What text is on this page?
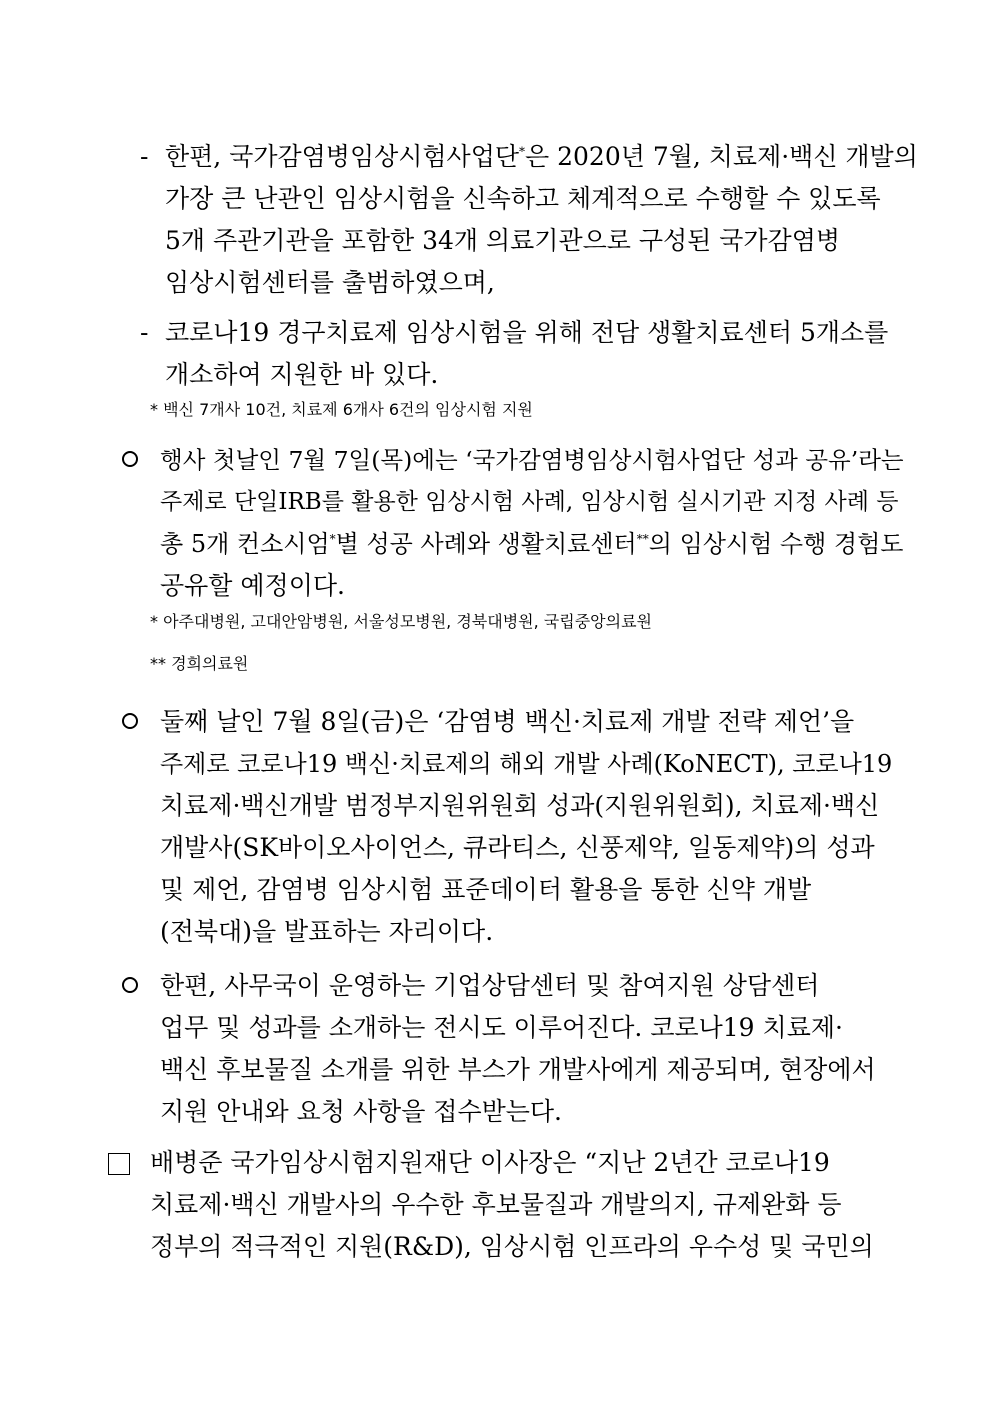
- 한편, 국가감염병임상시험사업단*은 2020년 7월, 치료제·백신 개발의
가장 큰 난관인 임상시험을 신속하고 체계적으로 수행할 수 있도록
5개 주관기관을 포함한 34개 의료기관으로 구성된 국가감염병
임상시험센터를 출범하였으며,
- 코로나19 경구치료제 임상시험을 위해 전담 생활치료센터 5개소를
개소하여 지원한 바 있다.
* 백신 7개사 10건, 치료제 6개사 6건의 임상시험 지원
행사 첫날인 7월 7일(목)에는 ‘국가감염병임상시험사업단 성과 공유’라는
주제로 단일IRB를 활용한 임상시험 사례, 임상시험 실시기관 지정 사례 등
총 5개 컨소시엄*별 성공 사례와 생활치료센터**의 임상시험 수행 경험도
공유할 예정이다.
* 아주대병원, 고대안암병원, 서울성모병원, 경북대병원, 국립중앙의료원
** 경희의료원
둘째 날인 7월 8일(금)은 ‘감염병 백신·치료제 개발 전략 제언’을
주제로 코로나19 백신·치료제의 해외 개발 사례(KoNECT), 코로나19
치료제·백신개발 범정부지원위원회 성과(지원위원회), 치료제·백신
개발사(SK바이오사이언스, 큐라티스, 신풍제약, 일동제약)의 성과
및 제언, 감염병 임상시험 표준데이터 활용을 통한 신약 개발
(전북대)을 발표하는 자리이다.
한편, 사무국이 운영하는 기업상담센터 및 참여지원 상담센터
업무 및 성과를 소개하는 전시도 이루어진다. 코로나19 치료제·
백신 후보물질 소개를 위한 부스가 개발사에게 제공되며, 현장에서
지원 안내와 요청 사항을 접수받는다.
배병준 국가임상시험지원재단 이사장은 “지난 2년간 코로나19
치료제·백신 개발사의 우수한 후보물질과 개발의지, 규제완화 등
정부의 적극적인 지원(R&D), 임상시험 인프라의 우수성 및 국민의
